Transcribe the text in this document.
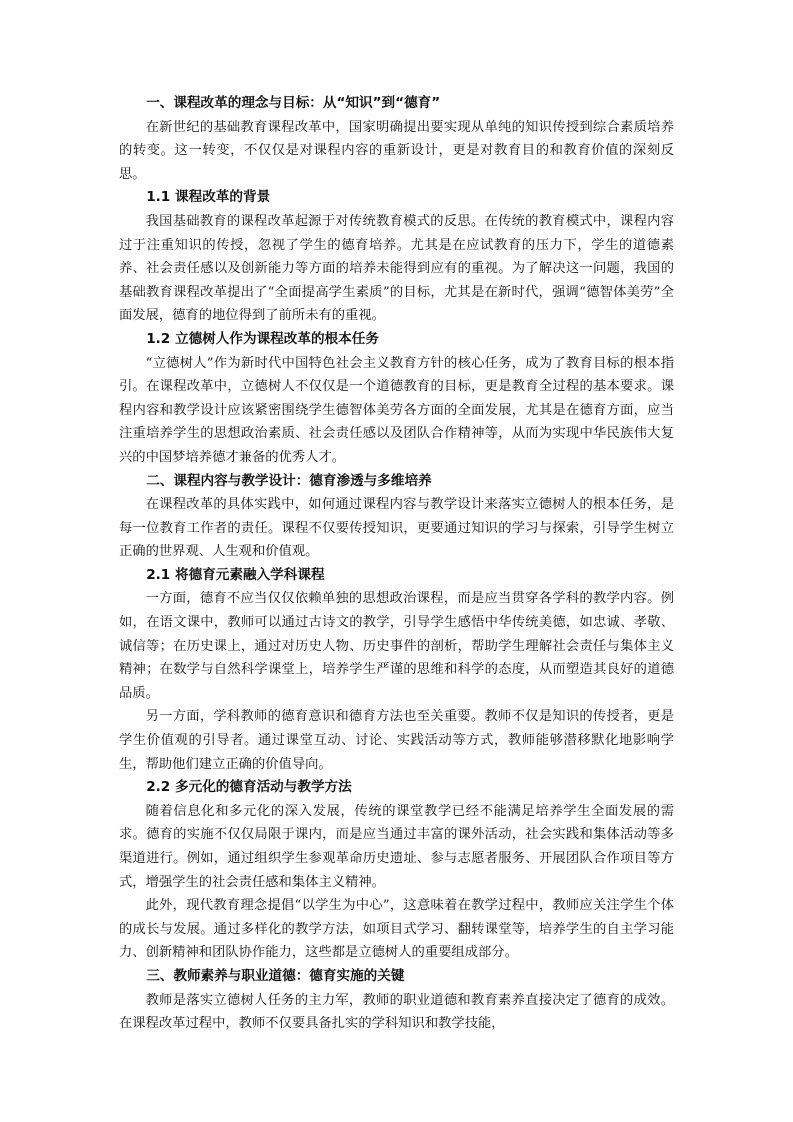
一、课程改革的理念与目标：从“知识”到“德育”

在新世纪的基础教育课程改革中，国家明确提出要实现从单纯的知识传授到综合素质培养的转变。这一转变，不仅仅是对课程内容的重新设计，更是对教育目的和教育价值的深刻反思。

1.1 课程改革的背景

我国基础教育的课程改革起源于对传统教育模式的反思。在传统的教育模式中，课程内容过于注重知识的传授，忽视了学生的德育培养。尤其是在应试教育的压力下，学生的道德素养、社会责任感以及创新能力等方面的培养未能得到应有的重视。为了解决这一问题，我国的基础教育课程改革提出了“全面提高学生素质”的目标，尤其是在新时代，强调“德智体美劳”全面发展，德育的地位得到了前所未有的重视。

1.2 立德树人作为课程改革的根本任务

“立德树人”作为新时代中国特色社会主义教育方针的核心任务，成为了教育目标的根本指引。在课程改革中，立德树人不仅仅是一个道德教育的目标，更是教育全过程的基本要求。课程内容和教学设计应该紧密围绕学生德智体美劳各方面的全面发展，尤其是在德育方面，应当注重培养学生的思想政治素质、社会责任感以及团队合作精神等，从而为实现中华民族伟大复兴的中国梦培养德才兼备的优秀人才。

二、课程内容与教学设计：德育渗透与多维培养

在课程改革的具体实践中，如何通过课程内容与教学设计来落实立德树人的根本任务，是每一位教育工作者的责任。课程不仅要传授知识，更要通过知识的学习与探索，引导学生树立正确的世界观、人生观和价值观。

2.1 将德育元素融入学科课程

一方面，德育不应当仅仅依赖单独的思想政治课程，而是应当贯穿各学科的教学内容。例如，在语文课中，教师可以通过古诗文的教学，引导学生感悟中华传统美德，如忠诚、孝敬、诚信等；在历史课上，通过对历史人物、历史事件的剖析，帮助学生理解社会责任与集体主义精神；在数学与自然科学课堂上，培养学生严谨的思维和科学的态度，从而塑造其良好的道德品质。

另一方面，学科教师的德育意识和德育方法也至关重要。教师不仅是知识的传授者，更是学生价值观的引导者。通过课堂互动、讨论、实践活动等方式，教师能够潜移默化地影响学生，帮助他们建立正确的价值导向。

2.2 多元化的德育活动与教学方法

随着信息化和多元化的深入发展，传统的课堂教学已经不能满足培养学生全面发展的需求。德育的实施不仅仅局限于课内，而是应当通过丰富的课外活动，社会实践和集体活动等多渠道进行。例如，通过组织学生参观革命历史遗址、参与志愿者服务、开展团队合作项目等方式，增强学生的社会责任感和集体主义精神。

此外，现代教育理念提倡“以学生为中心”，这意味着在教学过程中，教师应关注学生个体的成长与发展。通过多样化的教学方法，如项目式学习、翻转课堂等，培养学生的自主学习能力、创新精神和团队协作能力，这些都是立德树人的重要组成部分。

三、教师素养与职业道德：德育实施的关键

教师是落实立德树人任务的主力军，教师的职业道德和教育素养直接决定了德育的成效。在课程改革过程中，教师不仅要具备扎实的学科知识和教学技能，
